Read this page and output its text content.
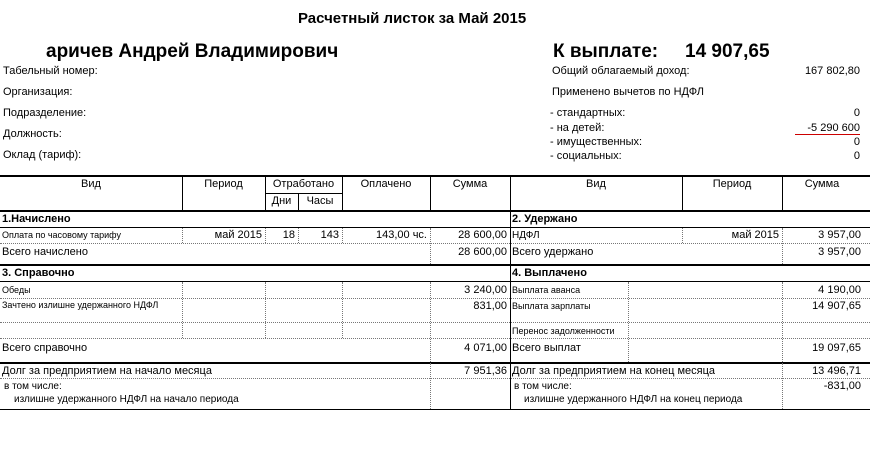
Расчетный листок за Май 2015
аричев Андрей Владимирович	К выплате: 14 907,65
Табельный номер:
Организация:
Подразделение:
Должность:
Оклад (тариф):
Общий облагаемый доход:	167 802,80
Применено вычетов по НДФЛ
- стандартных:	0
- на детей:	-5 290 600
- имущественных:	0
- социальных:	0
Вид	Период	Отработано
Дни	Часы
Оплачено	Сумма	Вид	Период	Сумма
1.Начислено
Оплата по часовому тарифу	май 2015	18	143	143,00 чс.	28 600,00
Всего начислено	28 600,00
2. Удержано
НДФЛ	май 2015	3 957,00
Всего удержано	3 957,00
3. Справочно
Обеды	3 240,00
Зачтено излишне удержанного НДФЛ	831,00
Всего справочно	4 071,00
4. Выплачено
Выплата аванса	4 190,00
Выплата зарплаты	14 907,65
Перенос задолженности
Всего выплат	19 097,65
Долг за предприятием на начало месяца	7 951,36
в том числе:
излишне удержанного НДФЛ на начало периода
Долг за предприятием на конец месяца	13 496,71
в том числе:	-831,00
излишне удержанного НДФЛ на конец периода
